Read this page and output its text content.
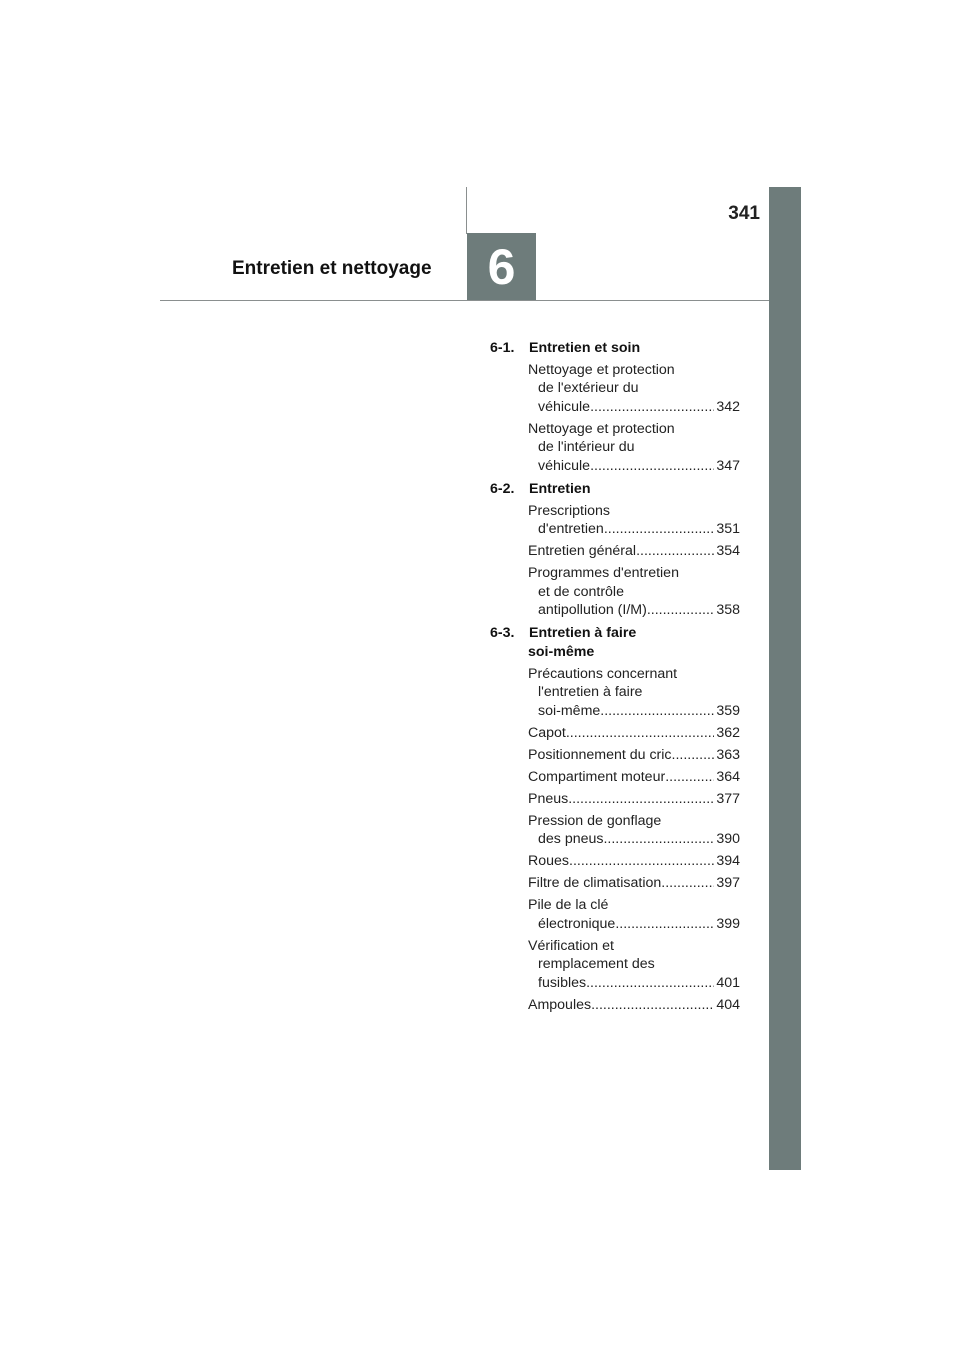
341
Entretien et nettoyage	6
6-1.	Entretien et soin
Nettoyage et protection
de l'extérieur du
véhicule .....	342
Nettoyage et protection
de l'intérieur du
véhicule .....	347
6-2.	Entretien
Prescriptions
d'entretien .....	351
Entretien général .....	354
Programmes d'entretien
et de contrôle
antipollution (I/M) .....	358
6-3.	Entretien à faire
soi-même
Précautions concernant
l'entretien à faire
soi-même .....	359
Capot .....	362
Positionnement du cric .....	363
Compartiment moteur .....	364
Pneus .....	377
Pression de gonflage
des pneus .....	390
Roues .....	394
Filtre de climatisation .....	397
Pile de la clé
électronique .....	399
Vérification et
remplacement des
fusibles .....	401
Ampoules .....	404
